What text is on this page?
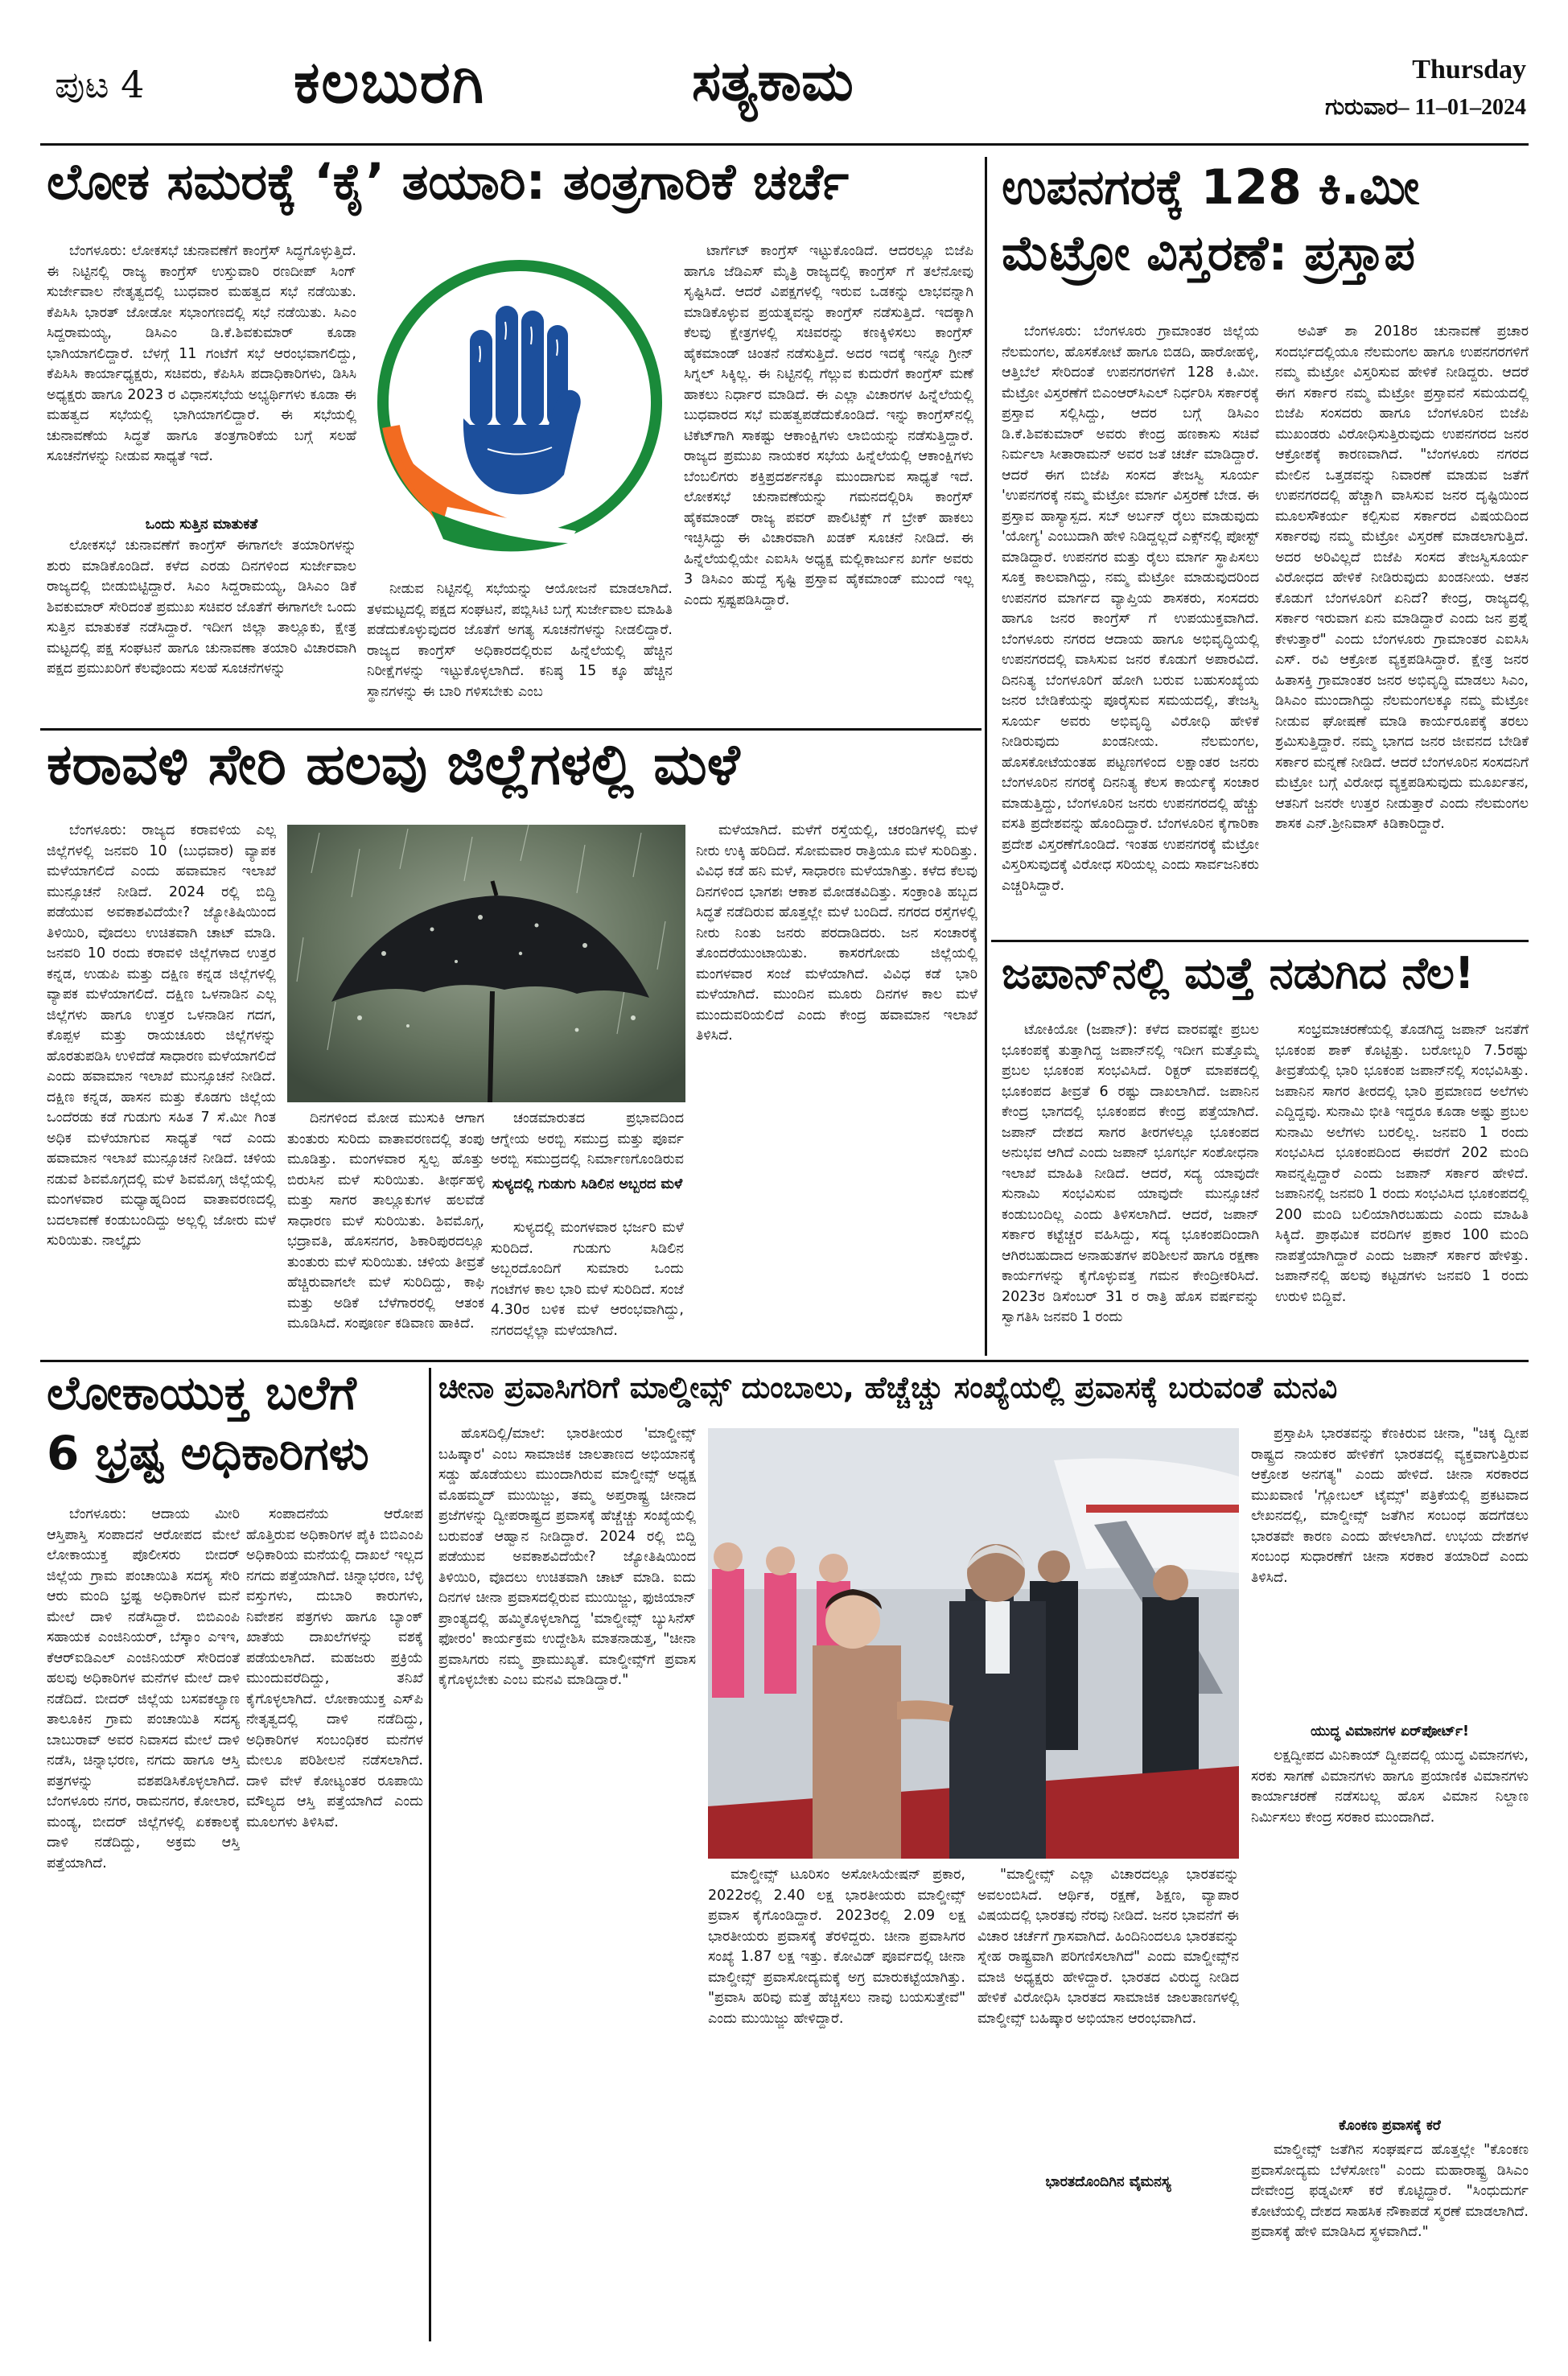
ಪುಟ 4	ಕಲಬುರಗಿ	ಸತ್ಯಕಾಮ	Thursday
ಗುರುವಾರ– 11–01–2024
ಲೋಕ ಸಮರಕ್ಕೆ ‘ಕೈ’ ತಯಾರಿ: ತಂತ್ರಗಾರಿಕೆ ಚರ್ಚೆ

ಬೆಂಗಳೂರು: ಲೋಕಸಭೆ ಚುನಾವಣೆಗೆ ಕಾಂಗ್ರೆಸ್ ಸಿದ್ಧಗೊಳ್ಳುತ್ತಿದೆ. ಈ ನಿಟ್ಟಿನಲ್ಲಿ ರಾಜ್ಯ ಕಾಂಗ್ರೆಸ್ ಉಸ್ತುವಾರಿ ರಣದೀಪ್ ಸಿಂಗ್ ಸುರ್ಜೇವಾಲ ನೇತೃತ್ವದಲ್ಲಿ ಬುಧವಾರ ಮಹತ್ವದ ಸಭೆ ನಡೆಯಿತು. ಕೆಪಿಸಿಸಿ ಭಾರತ್ ಜೋಡೋ ಸಭಾಂಗಣದಲ್ಲಿ ಸಭೆ ನಡೆಯಿತು. ಸಿಎಂ ಸಿದ್ದರಾಮಯ್ಯ, ಡಿಸಿಎಂ ಡಿ.ಕೆ.ಶಿವಕುಮಾರ್ ಕೂಡಾ ಭಾಗಿಯಾಗಲಿದ್ದಾರೆ. ಬೆಳಗ್ಗೆ 11 ಗಂಟೆಗೆ ಸಭೆ ಆರಂಭವಾಗಲಿದ್ದು, ಕೆಪಿಸಿಸಿ ಕಾರ್ಯಾಧ್ಯಕ್ಷರು, ಸಚಿವರು, ಕೆಪಿಸಿಸಿ ಪದಾಧಿಕಾರಿಗಳು, ಡಿಸಿಸಿ ಅಧ್ಯಕ್ಷರು ಹಾಗೂ 2023 ರ ವಿಧಾನಸಭೆಯ ಅಭ್ಯರ್ಥಿಗಳು ಕೂಡಾ ಈ ಮಹತ್ವದ ಸಭೆಯಲ್ಲಿ ಭಾಗಿಯಾಗಲಿದ್ದಾರೆ. ಈ ಸಭೆಯಲ್ಲಿ ಚುನಾವಣೆಯ ಸಿದ್ಧತೆ ಹಾಗೂ ತಂತ್ರಗಾರಿಕೆಯ ಬಗ್ಗೆ ಸಲಹೆ ಸೂಚನೆಗಳನ್ನು ನೀಡುವ ಸಾಧ್ಯತೆ ಇದೆ.

ಒಂದು ಸುತ್ತಿನ ಮಾತುಕತೆ

ಲೋಕಸಭೆ ಚುನಾವಣೆಗೆ ಕಾಂಗ್ರೆಸ್ ಈಗಾಗಲೇ ತಯಾರಿಗಳನ್ನು ಶುರು ಮಾಡಿಕೊಂಡಿದೆ. ಕಳೆದ ಎರಡು ದಿನಗಳಿಂದ ಸುರ್ಜೇವಾಲ ರಾಜ್ಯದಲ್ಲಿ ಬೀಡುಬಿಟ್ಟಿದ್ದಾರೆ. ಸಿಎಂ ಸಿದ್ದರಾಮಯ್ಯ, ಡಿಸಿಎಂ ಡಿಕೆ ಶಿವಕುಮಾರ್ ಸೇರಿದಂತೆ ಪ್ರಮುಖ ಸಚಿವರ ಜೊತೆಗೆ ಈಗಾಗಲೇ ಒಂದು ಸುತ್ತಿನ ಮಾತುಕತೆ ನಡೆಸಿದ್ದಾರೆ. ಇದೀಗ ಜಿಲ್ಲಾ ತಾಲ್ಲೂಕು, ಕ್ಷೇತ್ರ ಮಟ್ಟದಲ್ಲಿ ಪಕ್ಷ ಸಂಘಟನೆ ಹಾಗೂ ಚುನಾವಣಾ ತಯಾರಿ ವಿಚಾರವಾಗಿ ಪಕ್ಷದ ಪ್ರಮುಖರಿಗೆ ಕೆಲವೊಂದು ಸಲಹೆ ಸೂಚನೆಗಳನ್ನು

ನೀಡುವ ನಿಟ್ಟಿನಲ್ಲಿ ಸಭೆಯನ್ನು ಆಯೋಜನೆ ಮಾಡಲಾಗಿದೆ. ತಳಮಟ್ಟದಲ್ಲಿ ಪಕ್ಷದ ಸಂಘಟನೆ, ಪಬ್ಲಿಸಿಟಿ ಬಗ್ಗೆ ಸುರ್ಜೇವಾಲ ಮಾಹಿತಿ ಪಡೆದುಕೊಳ್ಳುವುದರ ಜೊತೆಗೆ ಅಗತ್ಯ ಸೂಚನೆಗಳನ್ನು ನೀಡಲಿದ್ದಾರೆ. ರಾಜ್ಯದ ಕಾಂಗ್ರೆಸ್ ಅಧಿಕಾರದಲ್ಲಿರುವ ಹಿನ್ನೆಲೆಯಲ್ಲಿ ಹೆಚ್ಚಿನ ನಿರೀಕ್ಷೆಗಳನ್ನು ಇಟ್ಟುಕೊಳ್ಳಲಾಗಿದೆ. ಕನಿಷ್ಠ 15 ಕ್ಕೂ ಹೆಚ್ಚಿನ ಸ್ಥಾನಗಳನ್ನು ಈ ಬಾರಿ ಗಳಿಸಬೇಕು ಎಂಬ

ಟಾರ್ಗೆಟ್ ಕಾಂಗ್ರೆಸ್ ಇಟ್ಟುಕೊಂಡಿದೆ. ಆದರಲ್ಲೂ ಬಿಜೆಪಿ ಹಾಗೂ ಜೆಡಿಎಸ್ ಮೈತ್ರಿ ರಾಜ್ಯದಲ್ಲಿ ಕಾಂಗ್ರೆಸ್ ಗೆ ತಲೆನೋವು ಸೃಷ್ಟಿಸಿದೆ. ಆದರೆ ವಿಪಕ್ಷಗಳಲ್ಲಿ ಇರುವ ಒಡಕನ್ನು ಲಾಭವನ್ನಾಗಿ ಮಾಡಿಕೊಳ್ಳುವ ಪ್ರಯತ್ನವನ್ನು ಕಾಂಗ್ರೆಸ್ ನಡೆಸುತ್ತಿದೆ. ಇದಕ್ಕಾಗಿ ಕೆಲವು ಕ್ಷೇತ್ರಗಳಲ್ಲಿ ಸಚಿವರನ್ನು ಕಣಕ್ಕಿಳಿಸಲು ಕಾಂಗ್ರೆಸ್ ಹೈಕಮಾಂಡ್ ಚಿಂತನೆ ನಡೆಸುತ್ತಿದೆ. ಅದರ ಇದಕ್ಕೆ ಇನ್ನೂ ಗ್ರೀನ್ ಸಿಗ್ನಲ್ ಸಿಕ್ಕಿಲ್ಲ. ಈ ನಿಟ್ಟಿನಲ್ಲಿ ಗೆಲ್ಲುವ ಕುದುರೆಗೆ ಕಾಂಗ್ರೆಸ್ ಮಣೆ ಹಾಕಲು ನಿರ್ಧಾರ ಮಾಡಿದೆ. ಈ ಎಲ್ಲಾ ವಿಚಾರಗಳ ಹಿನ್ನೆಲೆಯಲ್ಲಿ ಬುಧವಾರದ ಸಭೆ ಮಹತ್ವಪಡೆದುಕೊಂಡಿದೆ. ಇನ್ನು ಕಾಂಗ್ರೆಸ್‌ನಲ್ಲಿ ಟಿಕೆಟ್‌ಗಾಗಿ ಸಾಕಷ್ಟು ಆಕಾಂಕ್ಷಿಗಳು ಲಾಬಿಯನ್ನು ನಡೆಸುತ್ತಿದ್ದಾರೆ. ರಾಜ್ಯದ ಪ್ರಮುಖ ನಾಯಕರ ಸಭೆಯ ಹಿನ್ನೆಲೆಯಲ್ಲಿ ಆಕಾಂಕ್ಷಿಗಳು ಬೆಂಬಲಿಗರು ಶಕ್ತಿಪ್ರದರ್ಶನಕ್ಕೂ ಮುಂದಾಗುವ ಸಾಧ್ಯತೆ ಇದೆ. ಲೋಕಸಭೆ ಚುನಾವಣೆಯನ್ನು ಗಮನದಲ್ಲಿರಿಸಿ ಕಾಂಗ್ರೆಸ್ ಹೈಕಮಾಂಡ್ ರಾಜ್ಯ ಪವರ್ ಪಾಲಿಟಿಕ್ಸ್ ಗೆ ಬ್ರೇಕ್ ಹಾಕಲು ಇಚ್ಛಿಸಿದ್ದು ಈ ವಿಚಾರವಾಗಿ ಖಡಕ್ ಸೂಚನೆ ನೀಡಿದೆ. ಈ ಹಿನ್ನೆಲೆಯಲ್ಲಿಯೇ ಎಐಸಿಸಿ ಅಧ್ಯಕ್ಷ ಮಲ್ಲಿಕಾರ್ಜುನ ಖರ್ಗೆ ಅವರು 3 ಡಿಸಿಎಂ ಹುದ್ದೆ ಸೃಷ್ಟಿ ಪ್ರಸ್ತಾವ ಹೈಕಮಾಂಡ್ ಮುಂದೆ ಇಲ್ಲ ಎಂದು ಸ್ಪಷ್ಟಪಡಿಸಿದ್ದಾರೆ.

ಉಪನಗರಕ್ಕೆ 128 ಕಿ.ಮೀ
ಮೆಟ್ರೋ ವಿಸ್ತರಣೆ: ಪ್ರಸ್ತಾಪ

ಬೆಂಗಳೂರು: ಬೆಂಗಳೂರು ಗ್ರಾಮಾಂತರ ಜಿಲ್ಲೆಯ ನೆಲಮಂಗಲ, ಹೊಸಕೋಟೆ ಹಾಗೂ ಬಿಡದಿ, ಹಾರೋಹಳ್ಳಿ, ಆತ್ತಿಬೆಲೆ ಸೇರಿದಂತೆ ಉಪನಗರಗಳಿಗೆ 128 ಕಿ.ಮೀ. ಮೆಟ್ರೋ ವಿಸ್ತರಣೆಗೆ ಬಿಎಂಆರ್‌ಸಿಎಲ್ ನಿರ್ಧರಿಸಿ ಸರ್ಕಾರಕ್ಕೆ ಪ್ರಸ್ತಾವ ಸಲ್ಲಿಸಿದ್ದು, ಆದರ ಬಗ್ಗೆ ಡಿಸಿಎಂ ಡಿ.ಕೆ.ಶಿವಕುಮಾರ್ ಅವರು ಕೇಂದ್ರ ಹಣಕಾಸು ಸಚಿವೆ ನಿರ್ಮಲಾ ಸೀತಾರಾಮನ್ ಅವರ ಜತೆ ಚರ್ಚೆ ಮಾಡಿದ್ದಾರೆ. ಆದರೆ ಈಗ ಬಿಜೆಪಿ ಸಂಸದ ತೇಜಸ್ವಿ ಸೂರ್ಯ 'ಉಪನಗರಕ್ಕೆ ನಮ್ಮ ಮೆಟ್ರೋ ಮಾರ್ಗ ವಿಸ್ತರಣೆ ಬೇಡ. ಈ ಪ್ರಸ್ತಾವ ಹಾಸ್ಯಾಸ್ಪದ. ಸಬ್ ಅರ್ಬನ್ ರೈಲು ಮಾಡುವುದು 'ಯೋಗ್ಯ' ಎಂಬುದಾಗಿ ಹೇಳಿ ನಿಡಿದ್ದಲ್ಲದೆ ಎಕ್ಸ್‌ನಲ್ಲಿ ಪೋಸ್ಟ್ ಮಾಡಿದ್ದಾರೆ. ಉಪನಗರ ಮತ್ತು ರೈಲು ಮಾರ್ಗ ಸ್ಥಾಪಿಸಲು ಸೂಕ್ತ ಕಾಲವಾಗಿದ್ದು, ನಮ್ಮ ಮೆಟ್ರೋ ಮಾಡುವುದರಿಂದ ಉಪನಗರ ಮಾರ್ಗದ ವ್ಯಾಪ್ತಿಯ ಶಾಸಕರು, ಸಂಸದರು ಹಾಗೂ ಜನರ ಕಾಂಗ್ರೆಸ್ ಗೆ ಉಪಯುಕ್ತವಾಗಿದೆ. ಬೆಂಗಳೂರು ನಗರದ ಆದಾಯ ಹಾಗೂ ಅಭಿವೃದ್ಧಿಯಲ್ಲಿ ಉಪನಗರದಲ್ಲಿ ವಾಸಿಸುವ ಜನರ ಕೊಡುಗೆ ಅಪಾರವಿದೆ. ದಿನನಿತ್ಯ ಬೆಂಗಳೂರಿಗೆ ಹೋಗಿ ಬರುವ ಬಹುಸಂಖ್ಯೆಯ ಜನರ ಬೇಡಿಕೆಯನ್ನು ಪೂರೈಸುವ ಸಮಯದಲ್ಲಿ, ತೇಜಸ್ವಿ ಸೂರ್ಯ ಅವರು ಅಭಿವೃದ್ಧಿ ವಿರೋಧಿ ಹೇಳಿಕೆ ನೀಡಿರುವುದು ಖಂಡನೀಯ. ನೆಲಮಂಗಲ, ಹೊಸಕೋಟೆಯಂತಹ ಪಟ್ಟಣಗಳಿಂದ ಲಕ್ಷಾಂತರ ಜನರು ಬೆಂಗಳೂರಿನ ನಗರಕ್ಕೆ ದಿನನಿತ್ಯ ಕೆಲಸ ಕಾರ್ಯಕ್ಕೆ ಸಂಚಾರ ಮಾಡುತ್ತಿದ್ದು, ಬೆಂಗಳೂರಿನ ಜನರು ಉಪನಗರದಲ್ಲಿ ಹೆಚ್ಚು ವಸತಿ ಪ್ರದೇಶವನ್ನು ಹೊಂದಿದ್ದಾರೆ. ಬೆಂಗಳೂರಿನ ಕೈಗಾರಿಕಾ ಪ್ರದೇಶ ವಿಸ್ತರಣೆಗೊಂಡಿದೆ. ಇಂತಹ ಉಪನಗರಕ್ಕೆ ಮೆಟ್ರೋ ವಿಸ್ತರಿಸುವುದಕ್ಕೆ ವಿರೋಧ ಸರಿಯಲ್ಲ ಎಂದು ಸಾರ್ವಜನಿಕರು ಎಚ್ಚರಿಸಿದ್ದಾರೆ.

ಅವಿತ್ ಶಾ 2018ರ ಚುನಾವಣೆ ಪ್ರಚಾರ ಸಂದರ್ಭದಲ್ಲಿಯೂ ನೆಲಮಂಗಲ ಹಾಗೂ ಉಪನಗರಗಳಿಗೆ ನಮ್ಮ ಮೆಟ್ರೋ ವಿಸ್ತರಿಸುವ ಹೇಳಿಕೆ ನೀಡಿದ್ದರು. ಆದರೆ ಈಗ ಸರ್ಕಾರ ನಮ್ಮ ಮೆಟ್ರೋ ಪ್ರಸ್ತಾವನೆ ಸಮಯದಲ್ಲಿ ಬಿಜೆಪಿ ಸಂಸದರು ಹಾಗೂ ಬೆಂಗಳೂರಿನ ಬಿಜೆಪಿ ಮುಖಂಡರು ವಿರೋಧಿಸುತ್ತಿರುವುದು ಉಪನಗರದ ಜನರ ಆಕ್ರೋಶಕ್ಕೆ ಕಾರಣವಾಗಿದೆ. "ಬೆಂಗಳೂರು ನಗರದ ಮೇಲಿನ ಒತ್ತಡವನ್ನು ನಿವಾರಣೆ ಮಾಡುವ ಜತೆಗೆ ಉಪನಗರದಲ್ಲಿ ಹೆಚ್ಚಾಗಿ ವಾಸಿಸುವ ಜನರ ದೃಷ್ಟಿಯಿಂದ ಮೂಲಸೌಕರ್ಯ ಕಲ್ಪಿಸುವ ಸರ್ಕಾರದ ವಿಷಯದಿಂದ ಸರ್ಕಾರವು ನಮ್ಮ ಮೆಟ್ರೋ ವಿಸ್ತರಣೆ ಮಾಡಲಾಗುತ್ತಿದೆ. ಅದರ ಅರಿವಿಲ್ಲದೆ ಬಿಜೆಪಿ ಸಂಸದ ತೇಜಸ್ವಿಸೂರ್ಯ ವಿರೋಧದ ಹೇಳಿಕೆ ನೀಡಿರುವುದು ಖಂಡನೀಯ. ಆತನ ಕೊಡುಗೆ ಬೆಂಗಳೂರಿಗೆ ಏನಿದೆ? ಕೇಂದ್ರ, ರಾಜ್ಯದಲ್ಲಿ ಸರ್ಕಾರ ಇರುವಾಗ ಏನು ಮಾಡಿದ್ದಾರೆ ಎಂದು ಜನ ಪ್ರಶ್ನೆ ಕೇಳುತ್ತಾರೆ" ಎಂದು ಬೆಂಗಳೂರು ಗ್ರಾಮಾಂತರ ಎಐಸಿಸಿ ಎಸ್. ರವಿ ಆಕ್ರೋಶ ವ್ಯಕ್ತಪಡಿಸಿದ್ದಾರೆ. ಕ್ಷೇತ್ರ ಜನರ ಹಿತಾಸಕ್ತಿ ಗ್ರಾಮಾಂತರ ಜನರ ಅಭಿವೃದ್ಧಿ ಮಾಡಲು ಸಿಎಂ, ಡಿಸಿಎಂ ಮುಂದಾಗಿದ್ದು ನೆಲಮಂಗಲಕ್ಕೂ ನಮ್ಮ ಮೆಟ್ರೋ ನೀಡುವ ಘೋಷಣೆ ಮಾಡಿ ಕಾರ್ಯರೂಪಕ್ಕೆ ತರಲು ಶ್ರಮಿಸುತ್ತಿದ್ದಾರೆ. ನಮ್ಮ ಭಾಗದ ಜನರ ಜೀವನದ ಬೇಡಿಕೆ ಸರ್ಕಾರ ಮನ್ನಣೆ ನೀಡಿದೆ. ಆದರೆ ಬೆಂಗಳೂರಿನ ಸಂಸದನಿಗೆ ಮೆಟ್ರೋ ಬಗ್ಗೆ ವಿರೋಧ ವ್ಯಕ್ತಪಡಿಸುವುದು ಮೂರ್ಖತನ, ಆತನಿಗೆ ಜನರೇ ಉತ್ತರ ನೀಡುತ್ತಾರೆ ಎಂದು ನೆಲಮಂಗಲ ಶಾಸಕ ಎನ್.ಶ್ರೀನಿವಾಸ್ ಕಿಡಿಕಾರಿದ್ದಾರೆ.

ಕರಾವಳಿ ಸೇರಿ ಹಲವು ಜಿಲ್ಲೆಗಳಲ್ಲಿ ಮಳೆ

ಬೆಂಗಳೂರು: ರಾಜ್ಯದ ಕರಾವಳಿಯ ಎಲ್ಲ ಜಿಲ್ಲೆಗಳಲ್ಲಿ ಜನವರಿ 10 (ಬುಧವಾರ) ವ್ಯಾಪಕ ಮಳೆಯಾಗಲಿದೆ ಎಂದು ಹವಾಮಾನ ಇಲಾಖೆ ಮುನ್ಸೂಚನೆ ನೀಡಿದೆ. 2024 ರಲ್ಲಿ ಬಿದ್ದಿ ಪಡೆಯುವ ಅವಕಾಶವಿದೆಯೇ? ಜ್ಯೋತಿಷಿಯಿಂದ ತಿಳಿಯಿರಿ, ವೊದಲು ಉಚಿತವಾಗಿ ಚಾಟ್ ಮಾಡಿ. ಜನವರಿ 10 ರಂದು ಕರಾವಳಿ ಜಿಲ್ಲೆಗಳಾದ ಉತ್ತರ ಕನ್ನಡ, ಉಡುಪಿ ಮತ್ತು ದಕ್ಷಿಣ ಕನ್ನಡ ಜಿಲ್ಲೆಗಳಲ್ಲಿ ವ್ಯಾಪಕ ಮಳೆಯಾಗಲಿದೆ. ದಕ್ಷಿಣ ಒಳನಾಡಿನ ಎಲ್ಲ ಜಿಲ್ಲೆಗಳು ಹಾಗೂ ಉತ್ತರ ಒಳನಾಡಿನ ಗದಗ, ಕೊಪ್ಪಳ ಮತ್ತು ರಾಯಚೂರು ಜಿಲ್ಲೆಗಳನ್ನು ಹೊರತುಪಡಿಸಿ ಉಳಿದೆಡೆ ಸಾಧಾರಣ ಮಳೆಯಾಗಲಿದೆ ಎಂದು ಹವಾಮಾನ ಇಲಾಖೆ ಮುನ್ಸೂಚನೆ ನೀಡಿದೆ. ದಕ್ಷಿಣ ಕನ್ನಡ, ಹಾಸನ ಮತ್ತು ಕೊಡಗು ಜಿಲ್ಲೆಯ ಒಂದೆರಡು ಕಡೆ ಗುಡುಗು ಸಹಿತ 7 ಸೆ.ಮೀ ಗಿಂತ ಅಧಿಕ ಮಳೆಯಾಗುವ ಸಾಧ್ಯತೆ ಇದೆ ಎಂದು ಹವಾಮಾನ ಇಲಾಖೆ ಮುನ್ಸೂಚನೆ ನೀಡಿದೆ. ಚಳಿಯ ನಡುವೆ ಶಿವಮೊಗ್ಗದಲ್ಲಿ ಮಳೆ ಶಿವಮೊಗ್ಗ ಜಿಲ್ಲೆಯಲ್ಲಿ ಮಂಗಳವಾರ ಮಧ್ಯಾಹ್ನದಿಂದ ವಾತಾವರಣದಲ್ಲಿ ಬದಲಾವಣೆ ಕಂಡುಬಂದಿದ್ದು ಅಲ್ಲಲ್ಲಿ ಜೋರು ಮಳೆ ಸುರಿಯಿತು. ನಾಲ್ಕೈದು

ದಿನಗಳಿಂದ ಮೋಡ ಮುಸುಕಿ ಆಗಾಗ ತುಂತುರು ಸುರಿದು ವಾತಾವರಣದಲ್ಲಿ ತಂಪು ಮೂಡಿತ್ತು. ಮಂಗಳವಾರ ಸ್ವಲ್ಪ ಹೊತ್ತು ಬಿರುಸಿನ ಮಳೆ ಸುರಿಯಿತು. ತೀರ್ಥಹಳ್ಳಿ ಮತ್ತು ಸಾಗರ ತಾಲ್ಲೂಕುಗಳ ಹಲವೆಡೆ ಸಾಧಾರಣ ಮಳೆ ಸುರಿಯಿತು. ಶಿವಮೊಗ್ಗ, ಭದ್ರಾವತಿ, ಹೊಸನಗರ, ಶಿಕಾರಿಪುರದಲ್ಲೂ ತುಂತುರು ಮಳೆ ಸುರಿಯಿತು. ಚಳಿಯ ತೀವ್ರತೆ ಹೆಚ್ಚಿರುವಾಗಲೇ ಮಳೆ ಸುರಿದಿದ್ದು, ಕಾಫಿ ಮತ್ತು ಅಡಿಕೆ ಬೆಳೆಗಾರರಲ್ಲಿ ಆತಂಕ ಮೂಡಿಸಿದೆ. ಸಂಪೂರ್ಣ ಕಡಿವಾಣ ಹಾಕಿದೆ.

ಚಂಡಮಾರುತದ ಪ್ರಭಾವದಿಂದ ಆಗ್ನೇಯ ಅರಬ್ಬಿ ಸಮುದ್ರ ಮತ್ತು ಪೂರ್ವ ಅರಬ್ಬಿ ಸಮುದ್ರದಲ್ಲಿ ನಿರ್ಮಾಣಗೊಂಡಿರುವ

ಸುಳ್ಯದಲ್ಲಿ ಗುಡುಗು ಸಿಡಿಲಿನ ಅಬ್ಬರದ ಮಳೆ

ಸುಳ್ಯದಲ್ಲಿ ಮಂಗಳವಾರ ಭರ್ಜರಿ ಮಳೆ ಸುರಿದಿದೆ. ಗುಡುಗು ಸಿಡಿಲಿನ ಅಬ್ಬರದೊಂದಿಗೆ ಸುಮಾರು ಒಂದು ಗಂಟೆಗಳ ಕಾಲ ಭಾರಿ ಮಳೆ ಸುರಿದಿದೆ. ಸಂಜೆ 4.30ರ ಬಳಿಕ ಮಳೆ ಆರಂಭವಾಗಿದ್ದು, ನಗರದಲ್ಲೆಲ್ಲಾ ಮಳೆಯಾಗಿದೆ.

ಮಳೆಯಾಗಿದೆ. ಮಳೆಗೆ ರಸ್ತೆಯಲ್ಲಿ, ಚರಂಡಿಗಳಲ್ಲಿ ಮಳೆ ನೀರು ಉಕ್ಕಿ ಹರಿದಿದೆ. ಸೋಮವಾರ ರಾತ್ರಿಯೂ ಮಳೆ ಸುರಿದಿತ್ತು. ವಿವಿಧ ಕಡೆ ಹನಿ ಮಳೆ, ಸಾಧಾರಣ ಮಳೆಯಾಗಿತ್ತು. ಕಳೆದ ಕೆಲವು ದಿನಗಳಿಂದ ಭಾಗಶಃ ಆಕಾಶ ಮೋಡಕವಿದಿತ್ತು. ಸಂಕ್ರಾಂತಿ ಹಬ್ಬದ ಸಿದ್ಧತೆ ನಡೆದಿರುವ ಹೊತ್ತಲ್ಲೇ ಮಳೆ ಬಂದಿದೆ. ನಗರದ ರಸ್ತೆಗಳಲ್ಲಿ ನೀರು ನಿಂತು ಜನರು ಪರದಾಡಿದರು. ಜನ ಸಂಚಾರಕ್ಕೆ ತೊಂದರೆಯುಂಟಾಯಿತು. ಕಾಸರಗೋಡು ಜಿಲ್ಲೆಯಲ್ಲಿ ಮಂಗಳವಾರ ಸಂಜೆ ಮಳೆಯಾಗಿದೆ. ವಿವಿಧ ಕಡೆ ಭಾರಿ ಮಳೆಯಾಗಿದೆ. ಮುಂದಿನ ಮೂರು ದಿನಗಳ ಕಾಲ ಮಳೆ ಮುಂದುವರಿಯಲಿದೆ ಎಂದು ಕೇಂದ್ರ ಹವಾಮಾನ ಇಲಾಖೆ ತಿಳಿಸಿದೆ.

ಜಪಾನ್‌ನಲ್ಲಿ ಮತ್ತೆ ನಡುಗಿದ ನೆಲ!

ಟೋಕಿಯೋ (ಜಪಾನ್): ಕಳೆದ ವಾರವಷ್ಟೇ ಪ್ರಬಲ ಭೂಕಂಪಕ್ಕೆ ತುತ್ತಾಗಿದ್ದ ಜಪಾನ್‌ನಲ್ಲಿ ಇದೀಗ ಮತ್ತೊಮ್ಮೆ ಪ್ರಬಲ ಭೂಕಂಪ ಸಂಭವಿಸಿದೆ. ರಿಕ್ಟರ್ ಮಾಪಕದಲ್ಲಿ ಭೂಕಂಪದ ತೀವ್ರತೆ 6 ರಷ್ಟು ದಾಖಲಾಗಿದೆ. ಜಪಾನಿನ ಕೇಂದ್ರ ಭಾಗದಲ್ಲಿ ಭೂಕಂಪದ ಕೇಂದ್ರ ಪತ್ತೆಯಾಗಿದೆ. ಜಪಾನ್ ದೇಶದ ಸಾಗರ ತೀರಗಳಲ್ಲೂ ಭೂಕಂಪದ ಅನುಭವ ಆಗಿದೆ ಎಂದು ಜಪಾನ್ ಭೂಗರ್ಭ ಸಂಶೋಧನಾ ಇಲಾಖೆ ಮಾಹಿತಿ ನೀಡಿದೆ. ಆದರೆ, ಸದ್ಯ ಯಾವುದೇ ಸುನಾಮಿ ಸಂಭವಿಸುವ ಯಾವುದೇ ಮುನ್ಸೂಚನೆ ಕಂಡುಬಂದಿಲ್ಲ ಎಂದು ತಿಳಿಸಲಾಗಿದೆ. ಆದರೆ, ಜಪಾನ್ ಸರ್ಕಾರ ಕಟ್ಟೆಚ್ಚರ ವಹಿಸಿದ್ದು, ಸದ್ಯ ಭೂಕಂಪದಿಂದಾಗಿ ಆಗಿರಬಹುದಾದ ಅನಾಹುತಗಳ ಪರಿಶೀಲನೆ ಹಾಗೂ ರಕ್ಷಣಾ ಕಾರ್ಯಗಳನ್ನು ಕೈಗೊಳ್ಳುವತ್ತ ಗಮನ ಕೇಂದ್ರೀಕರಿಸಿದೆ. 2023ರ ಡಿಸೆಂಬರ್ 31 ರ ರಾತ್ರಿ ಹೊಸ ವರ್ಷವನ್ನು ಸ್ವಾಗತಿಸಿ ಜನವರಿ 1 ರಂದು

ಸಂಭ್ರಮಾಚರಣೆಯಲ್ಲಿ ತೊಡಗಿದ್ದ ಜಪಾನ್ ಜನತೆಗೆ ಭೂಕಂಪ ಶಾಕ್ ಕೊಟ್ಟಿತ್ತು. ಬರೋಬ್ಬರಿ 7.5ರಷ್ಟು ತೀವ್ರತೆಯಲ್ಲಿ ಭಾರಿ ಭೂಕಂಪ ಜಪಾನ್‌ನಲ್ಲಿ ಸಂಭವಿಸಿತ್ತು. ಜಪಾನಿನ ಸಾಗರ ತೀರದಲ್ಲಿ ಭಾರಿ ಪ್ರಮಾಣದ ಅಲೆಗಳು ಎದ್ದಿದ್ದವು. ಸುನಾಮಿ ಭೀತಿ ಇದ್ದರೂ ಕೂಡಾ ಅಷ್ಟು ಪ್ರಬಲ ಸುನಾಮಿ ಅಲೆಗಳು ಬರಲಿಲ್ಲ. ಜನವರಿ 1 ರಂದು ಸಂಭವಿಸಿದ ಭೂಕಂಪದಿಂದ ಈವರೆಗೆ 202 ಮಂದಿ ಸಾವನ್ನಪ್ಪಿದ್ದಾರೆ ಎಂದು ಜಪಾನ್ ಸರ್ಕಾರ ಹೇಳಿದೆ. ಜಪಾನಿನಲ್ಲಿ ಜನವರಿ 1 ರಂದು ಸಂಭವಿಸಿದ ಭೂಕಂಪದಲ್ಲಿ 200 ಮಂದಿ ಬಲಿಯಾಗಿರಬಹುದು ಎಂದು ಮಾಹಿತಿ ಸಿಕ್ಕಿದೆ. ಪ್ರಾಥಮಿಕ ವರದಿಗಳ ಪ್ರಕಾರ 100 ಮಂದಿ ನಾಪತ್ತೆಯಾಗಿದ್ದಾರೆ ಎಂದು ಜಪಾನ್ ಸರ್ಕಾರ ಹೇಳಿತ್ತು. ಜಪಾನ್‌ನಲ್ಲಿ ಹಲವು ಕಟ್ಟಡಗಳು ಜನವರಿ 1 ರಂದು ಉರುಳಿ ಬಿದ್ದಿವೆ.

ಲೋಕಾಯುಕ್ತ ಬಲೆಗೆ
6 ಭ್ರಷ್ಟ ಅಧಿಕಾರಿಗಳು

ಬೆಂಗಳೂರು: ಆದಾಯ ಮೀರಿ ಆಸ್ತಿಪಾಸ್ತಿ ಸಂಪಾದನೆ ಆರೋಪದ ಮೇಲೆ ಲೋಕಾಯುಕ್ತ ಪೊಲೀಸರು ಬೀದರ್ ಜಿಲ್ಲೆಯ ಗ್ರಾಮ ಪಂಚಾಯಿತಿ ಸದಸ್ಯ ಸೇರಿ ಆರು ಮಂದಿ ಭ್ರಷ್ಟ ಅಧಿಕಾರಿಗಳ ಮನೆ ಮೇಲೆ ದಾಳಿ ನಡೆಸಿದ್ದಾರೆ. ಬಿಬಿಎಂಪಿ ಸಹಾಯಕ ಎಂಜಿನಿಯರ್, ಬೆಸ್ಕಾಂ ಎಇಇ, ಕೆಆರ್‌ಐಡಿಎಲ್ ಎಂಜಿನಿಯರ್ ಸೇರಿದಂತೆ ಹಲವು ಅಧಿಕಾರಿಗಳ ಮನೆಗಳ ಮೇಲೆ ದಾಳಿ ನಡೆದಿದೆ. ಬೀದರ್ ಜಿಲ್ಲೆಯ ಬಸವಕಲ್ಯಾಣ ತಾಲೂಕಿನ ಗ್ರಾಮ ಪಂಚಾಯಿತಿ ಸದಸ್ಯ ಬಾಬುರಾವ್ ಅವರ ನಿವಾಸದ ಮೇಲೆ ದಾಳಿ ನಡೆಸಿ, ಚಿನ್ನಾಭರಣ, ನಗದು ಹಾಗೂ ಆಸ್ತಿ ಪತ್ರಗಳನ್ನು ವಶಪಡಿಸಿಕೊಳ್ಳಲಾಗಿದೆ. ಬೆಂಗಳೂರು ನಗರ, ರಾಮನಗರ, ಕೋಲಾರ, ಮಂಡ್ಯ, ಬೀದರ್ ಜಿಲ್ಲೆಗಳಲ್ಲಿ ಏಕಕಾಲಕ್ಕೆ ದಾಳಿ ನಡೆದಿದ್ದು, ಅಕ್ರಮ ಆಸ್ತಿ ಪತ್ತೆಯಾಗಿದೆ.

ಸಂಪಾದನೆಯ ಆರೋಪ ಹೊತ್ತಿರುವ ಅಧಿಕಾರಿಗಳ ಪೈಕಿ ಬಿಬಿಎಂಪಿ ಅಧಿಕಾರಿಯ ಮನೆಯಲ್ಲಿ ದಾಖಲೆ ಇಲ್ಲದ ನಗದು ಪತ್ತೆಯಾಗಿದೆ. ಚಿನ್ನಾಭರಣ, ಬೆಳ್ಳಿ ವಸ್ತುಗಳು, ದುಬಾರಿ ಕಾರುಗಳು, ನಿವೇಶನ ಪತ್ರಗಳು ಹಾಗೂ ಬ್ಯಾಂಕ್ ಖಾತೆಯ ದಾಖಲೆಗಳನ್ನು ವಶಕ್ಕೆ ಪಡೆಯಲಾಗಿದೆ. ಮಹಜರು ಪ್ರಕ್ರಿಯೆ ಮುಂದುವರೆದಿದ್ದು, ತನಿಖೆ ಕೈಗೊಳ್ಳಲಾಗಿದೆ. ಲೋಕಾಯುಕ್ತ ಎಸ್‌ಪಿ ನೇತೃತ್ವದಲ್ಲಿ ದಾಳಿ ನಡೆದಿದ್ದು, ಅಧಿಕಾರಿಗಳ ಸಂಬಂಧಿಕರ ಮನೆಗಳ ಮೇಲೂ ಪರಿಶೀಲನೆ ನಡೆಸಲಾಗಿದೆ. ದಾಳಿ ವೇಳೆ ಕೋಟ್ಯಂತರ ರೂಪಾಯಿ ಮೌಲ್ಯದ ಆಸ್ತಿ ಪತ್ತೆಯಾಗಿದೆ ಎಂದು ಮೂಲಗಳು ತಿಳಿಸಿವೆ.

ಚೀನಾ ಪ್ರವಾಸಿಗರಿಗೆ ಮಾಲ್ಡೀವ್ಸ್ ದುಂಬಾಲು, ಹೆಚ್ಚೆಚ್ಚು ಸಂಖ್ಯೆಯಲ್ಲಿ ಪ್ರವಾಸಕ್ಕೆ ಬರುವಂತೆ ಮನವಿ

ಹೊಸದಿಲ್ಲಿ/ಮಾಲೆ: ಭಾರತೀಯರ 'ಮಾಲ್ಡೀವ್ಸ್ ಬಹಿಷ್ಕಾರ' ಎಂಬ ಸಾಮಾಜಿಕ ಜಾಲತಾಣದ ಅಭಿಯಾನಕ್ಕೆ ಸಡ್ಡು ಹೊಡೆಯಲು ಮುಂದಾಗಿರುವ ಮಾಲ್ಡೀವ್ಸ್ ಅಧ್ಯಕ್ಷ ಮೊಹಮ್ಮದ್ ಮುಯಿಜ್ಜು, ತಮ್ಮ ಅಪ್ತರಾಷ್ಟ್ರ ಚೀನಾದ ಪ್ರಜೆಗಳನ್ನು ದ್ವೀಪರಾಷ್ಟ್ರದ ಪ್ರವಾಸಕ್ಕೆ ಹೆಚ್ಚೆಚ್ಚು ಸಂಖ್ಯೆಯಲ್ಲಿ ಬರುವಂತೆ ಆಹ್ವಾನ ನೀಡಿದ್ದಾರೆ. 2024 ರಲ್ಲಿ ಬಿದ್ದಿ ಪಡೆಯುವ ಅವಕಾಶವಿದೆಯೇ? ಜ್ಯೋತಿಷಿಯಿಂದ ತಿಳಿಯಿರಿ, ವೊದಲು ಉಚಿತವಾಗಿ ಚಾಟ್ ಮಾಡಿ. ಐದು ದಿನಗಳ ಚೀನಾ ಪ್ರವಾಸದಲ್ಲಿರುವ ಮುಯಿಜ್ಜು, ಫುಜಿಯಾನ್ ಪ್ರಾಂತ್ಯದಲ್ಲಿ ಹಮ್ಮಿಕೊಳ್ಳಲಾಗಿದ್ದ 'ಮಾಲ್ಡೀವ್ಸ್ ಬ್ಯುಸಿನೆಸ್ ಫೋರಂ' ಕಾರ್ಯಕ್ರಮ ಉದ್ದೇಶಿಸಿ ಮಾತನಾಡುತ್ತ, "ಚೀನಾ ಪ್ರವಾಸಿಗರು ನಮ್ಮ ಪ್ರಾಮುಖ್ಯತೆ. ಮಾಲ್ಡೀವ್ಸ್‌ಗೆ ಪ್ರವಾಸ ಕೈಗೊಳ್ಳಬೇಕು ಎಂಬ ಮನವಿ ಮಾಡಿದ್ದಾರೆ."

ಮಾಲ್ಡೀವ್ಸ್ ಟೂರಿಸಂ ಅಸೋಸಿಯೇಷನ್ ಪ್ರಕಾರ, 2022ರಲ್ಲಿ 2.40 ಲಕ್ಷ ಭಾರತೀಯರು ಮಾಲ್ಡೀವ್ಸ್ ಪ್ರವಾಸ ಕೈಗೊಂಡಿದ್ದಾರೆ. 2023ರಲ್ಲಿ 2.09 ಲಕ್ಷ ಭಾರತೀಯರು ಪ್ರವಾಸಕ್ಕೆ ತೆರಳಿದ್ದರು. ಚೀನಾ ಪ್ರವಾಸಿಗರ ಸಂಖ್ಯೆ 1.87 ಲಕ್ಷ ಇತ್ತು. ಕೋವಿಡ್ ಪೂರ್ವದಲ್ಲಿ ಚೀನಾ ಮಾಲ್ಡೀವ್ಸ್ ಪ್ರವಾಸೋದ್ಯಮಕ್ಕೆ ಅಗ್ರ ಮಾರುಕಟ್ಟೆಯಾಗಿತ್ತು. "ಪ್ರವಾಸಿ ಹರಿವು ಮತ್ತೆ ಹೆಚ್ಚಿಸಲು ನಾವು ಬಯಸುತ್ತೇವೆ" ಎಂದು ಮುಯಿಜ್ಜು ಹೇಳಿದ್ದಾರೆ.

"ಮಾಲ್ಡೀವ್ಸ್ ಎಲ್ಲಾ ವಿಚಾರದಲ್ಲೂ ಭಾರತವನ್ನು ಅವಲಂಬಿಸಿದೆ. ಆರ್ಥಿಕ, ರಕ್ಷಣೆ, ಶಿಕ್ಷಣ, ವ್ಯಾಪಾರ ವಿಷಯದಲ್ಲಿ ಭಾರತವು ನೆರವು ನೀಡಿದೆ. ಜನರ ಭಾವನೆಗೆ ಈ ವಿಚಾರ ಚರ್ಚೆಗೆ ಗ್ರಾಸವಾಗಿದೆ. ಹಿಂದಿನಿಂದಲೂ ಭಾರತವನ್ನು ಸ್ನೇಹ ರಾಷ್ಟ್ರವಾಗಿ ಪರಿಗಣಿಸಲಾಗಿದೆ" ಎಂದು ಮಾಲ್ಡೀವ್ಸ್‌ನ ಮಾಜಿ ಅಧ್ಯಕ್ಷರು ಹೇಳಿದ್ದಾರೆ. ಭಾರತದ ವಿರುದ್ಧ ನೀಡಿದ ಹೇಳಿಕೆ ವಿರೋಧಿಸಿ ಭಾರತದ ಸಾಮಾಜಿಕ ಜಾಲತಾಣಗಳಲ್ಲಿ ಮಾಲ್ಡೀವ್ಸ್ ಬಹಿಷ್ಕಾರ ಅಭಿಯಾನ ಆರಂಭವಾಗಿದೆ.

ಭಾರತದೊಂದಿಗಿನ ವೈಮನಸ್ಯ

ಪ್ರಸ್ತಾಪಿಸಿ ಭಾರತವನ್ನು ಕೆಣಕಿರುವ ಚೀನಾ, "ಚಿಕ್ಕ ದ್ವೀಪ ರಾಷ್ಟ್ರದ ನಾಯಕರ ಹೇಳಿಕೆಗೆ ಭಾರತದಲ್ಲಿ ವ್ಯಕ್ತವಾಗುತ್ತಿರುವ ಆಕ್ರೋಶ ಅನಗತ್ಯ" ಎಂದು ಹೇಳಿದೆ. ಚೀನಾ ಸರಕಾರದ ಮುಖವಾಣಿ 'ಗ್ಲೋಬಲ್ ಟೈಮ್ಸ್' ಪತ್ರಿಕೆಯಲ್ಲಿ ಪ್ರಕಟವಾದ ಲೇಖನದಲ್ಲಿ, ಮಾಲ್ಡೀವ್ಸ್ ಜತೆಗಿನ ಸಂಬಂಧ ಹದಗೆಡಲು ಭಾರತವೇ ಕಾರಣ ಎಂದು ಹೇಳಲಾಗಿದೆ. ಉಭಯ ದೇಶಗಳ ಸಂಬಂಧ ಸುಧಾರಣೆಗೆ ಚೀನಾ ಸರಕಾರ ತಯಾರಿದೆ ಎಂದು ತಿಳಿಸಿದೆ.

ಯುದ್ಧ ವಿಮಾನಗಳ ಏರ್‌ಪೋರ್ಟ್!

ಲಕ್ಷದ್ವೀಪದ ಮಿನಿಕಾಯ್ ದ್ವೀಪದಲ್ಲಿ ಯುದ್ಧ ವಿಮಾನಗಳು, ಸರಕು ಸಾಗಣೆ ವಿಮಾನಗಳು ಹಾಗೂ ಪ್ರಯಾಣಿಕ ವಿಮಾನಗಳು ಕಾರ್ಯಾಚರಣೆ ನಡೆಸಬಲ್ಲ ಹೊಸ ವಿಮಾನ ನಿಲ್ದಾಣ ನಿರ್ಮಿಸಲು ಕೇಂದ್ರ ಸರಕಾರ ಮುಂದಾಗಿದೆ.

ಕೊಂಕಣ ಪ್ರವಾಸಕ್ಕೆ ಕರೆ

ಮಾಲ್ಡೀವ್ಸ್ ಜತೆಗಿನ ಸಂಘರ್ಷದ ಹೊತ್ತಲ್ಲೇ "ಕೊಂಕಣ ಪ್ರವಾಸೋದ್ಯಮ ಬೆಳೆಸೋಣ" ಎಂದು ಮಹಾರಾಷ್ಟ್ರ ಡಿಸಿಎಂ ದೇವೇಂದ್ರ ಫಡ್ನವೀಸ್ ಕರೆ ಕೊಟ್ಟಿದ್ದಾರೆ. "ಸಿಂಧುದುರ್ಗ ಕೋಟೆಯಲ್ಲಿ ದೇಶದ ಸಾಹಸಿಕ ನೌಕಾಪಡೆ ಸ್ಮರಣೆ ಮಾಡಲಾಗಿದೆ. ಪ್ರವಾಸಕ್ಕೆ ಹೇಳಿ ಮಾಡಿಸಿದ ಸ್ಥಳವಾಗಿದೆ."
